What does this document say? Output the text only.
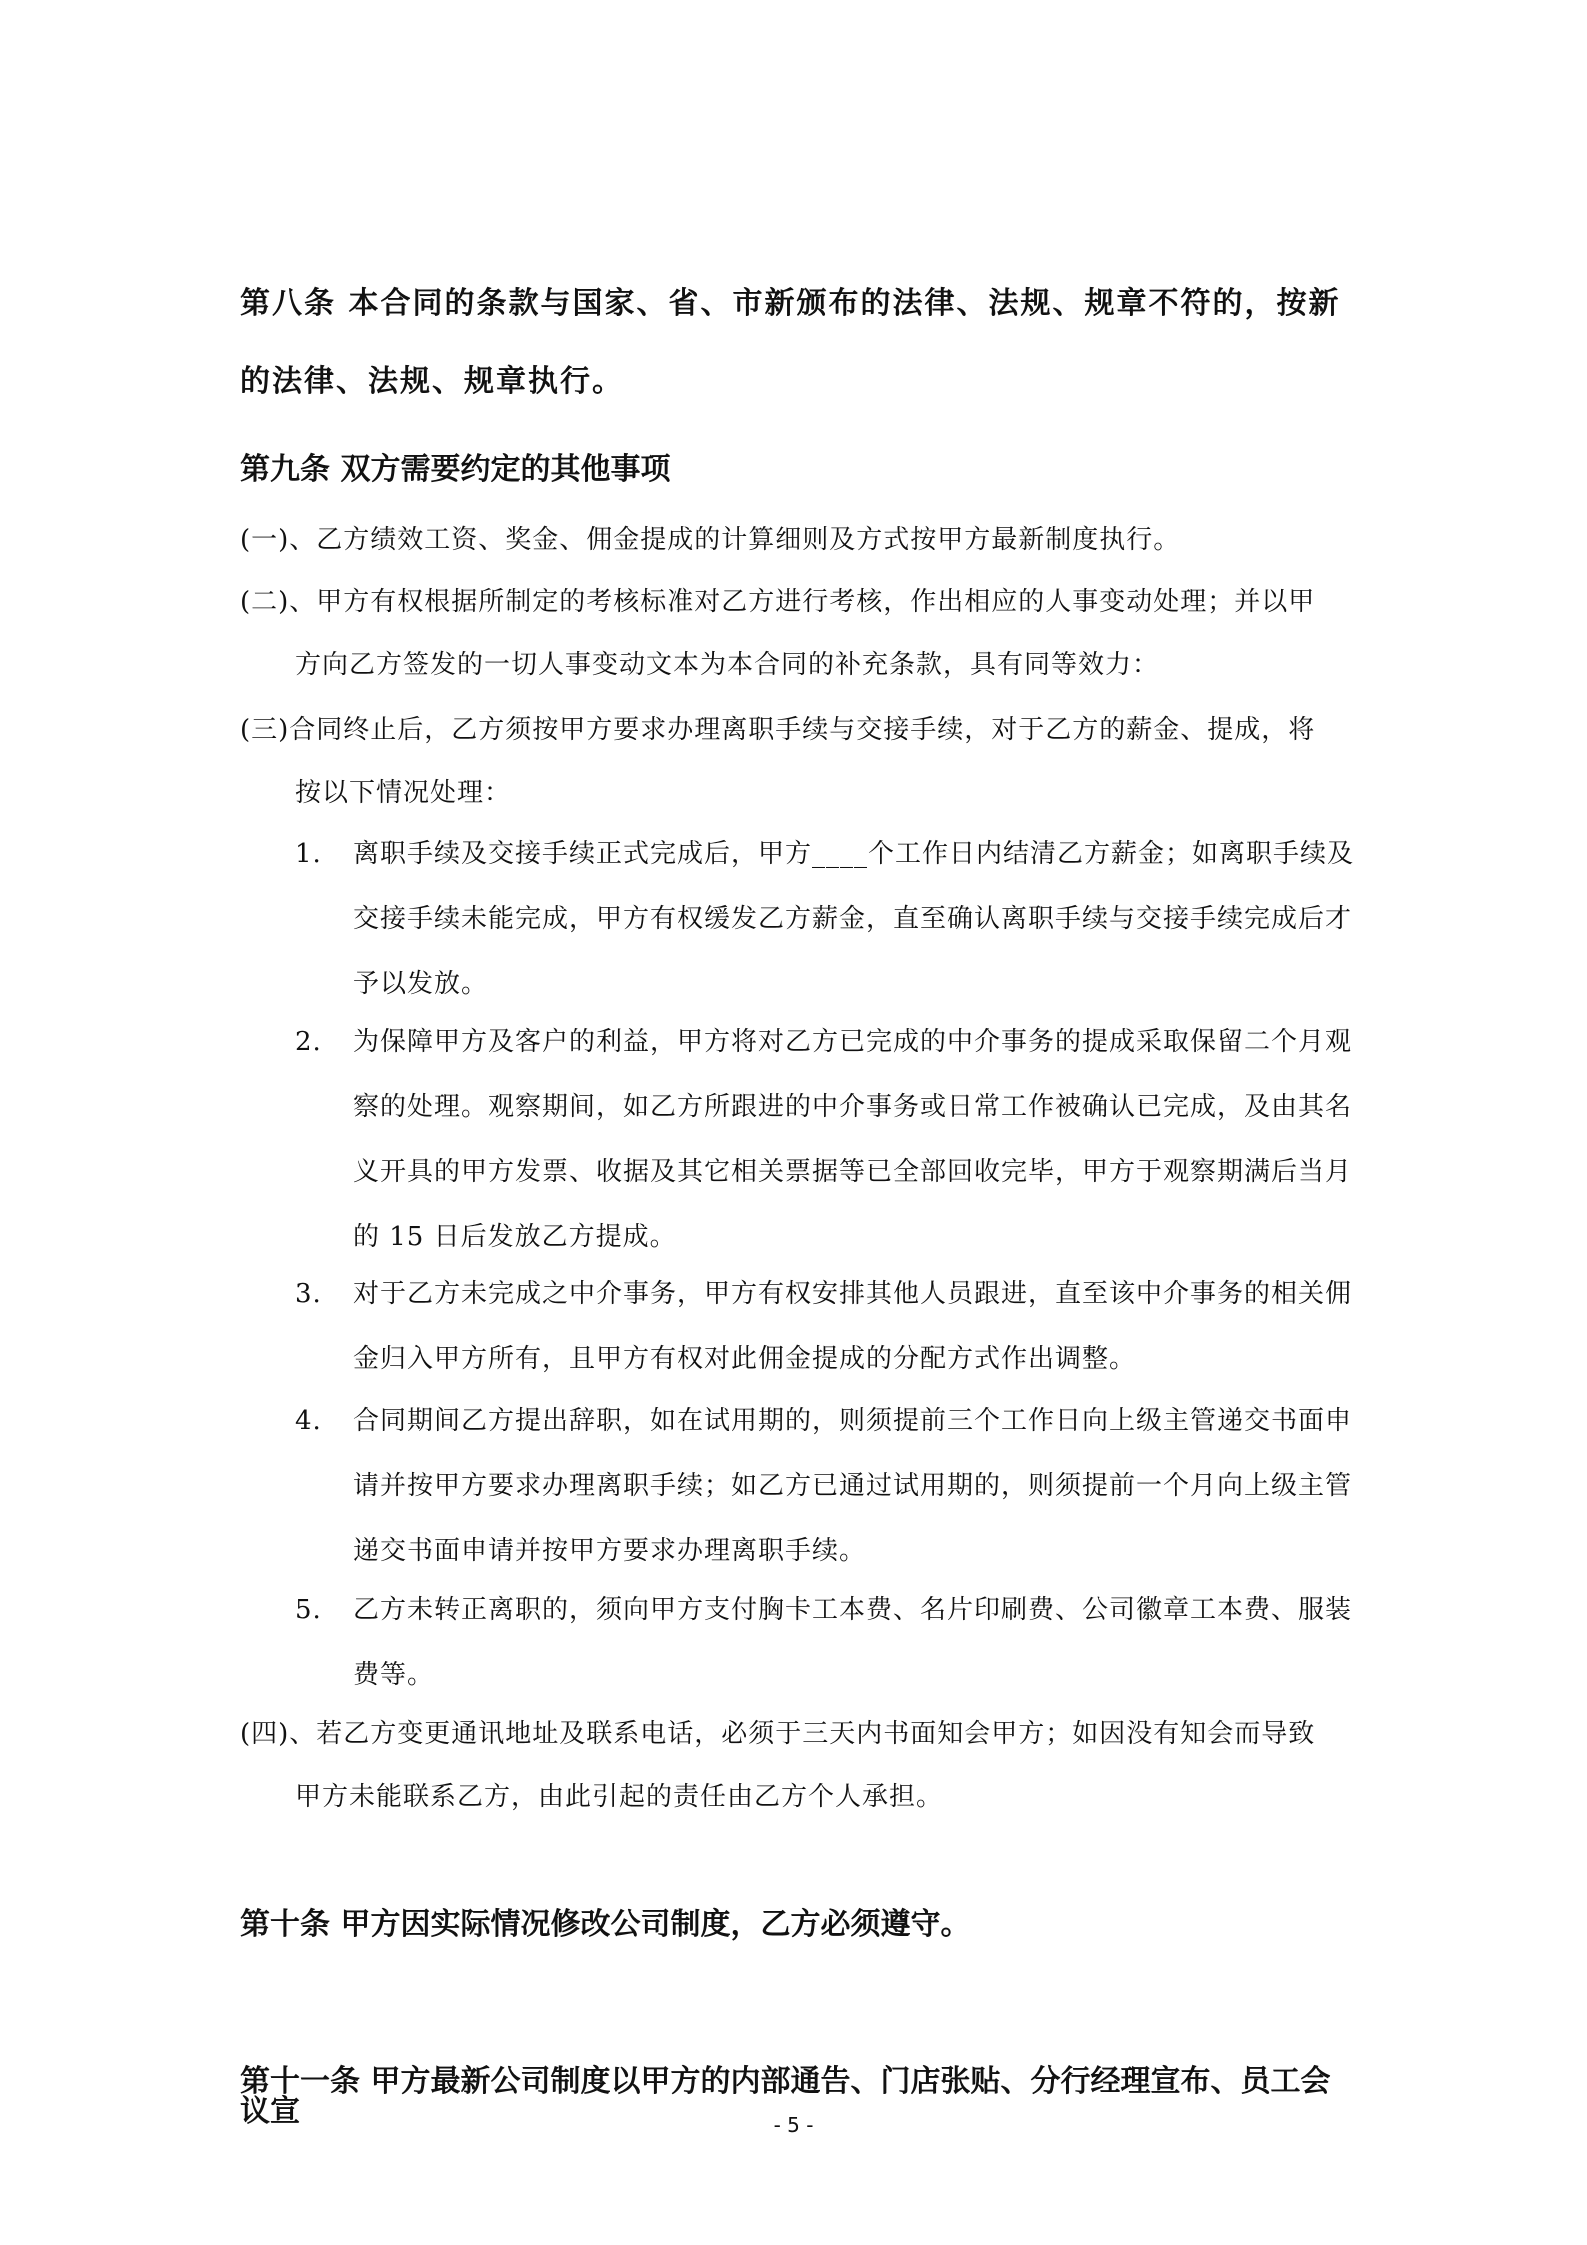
第八条 本合同的条款与国家、省、市新颁布的法律、法规、规章不符的，按新的法律、法规、规章执行。
第九条 双方需要约定的其他事项
(一)、乙方绩效工资、奖金、佣金提成的计算细则及方式按甲方最新制度执行。
(二)、甲方有权根据所制定的考核标准对乙方进行考核，作出相应的人事变动处理；并以甲
方向乙方签发的一切人事变动文本为本合同的补充条款，具有同等效力：
(三)合同终止后，乙方须按甲方要求办理离职手续与交接手续，对于乙方的薪金、提成，将
按以下情况处理：
1. 离职手续及交接手续正式完成后，甲方____个工作日内结清乙方薪金；如离职手续及交接手续未能完成，甲方有权缓发乙方薪金，直至确认离职手续与交接手续完成后才予以发放。
2. 为保障甲方及客户的利益，甲方将对乙方已完成的中介事务的提成采取保留二个月观察的处理。观察期间，如乙方所跟进的中介事务或日常工作被确认已完成，及由其名义开具的甲方发票、收据及其它相关票据等已全部回收完毕，甲方于观察期满后当月的 15 日后发放乙方提成。
3. 对于乙方未完成之中介事务，甲方有权安排其他人员跟进，直至该中介事务的相关佣金归入甲方所有，且甲方有权对此佣金提成的分配方式作出调整。
4. 合同期间乙方提出辞职，如在试用期的，则须提前三个工作日向上级主管递交书面申请并按甲方要求办理离职手续；如乙方已通过试用期的，则须提前一个月向上级主管递交书面申请并按甲方要求办理离职手续。
5. 乙方未转正离职的，须向甲方支付胸卡工本费、名片印刷费、公司徽章工本费、服装费等。
(四)、若乙方变更通讯地址及联系电话，必须于三天内书面知会甲方；如因没有知会而导致
甲方未能联系乙方，由此引起的责任由乙方个人承担。
第十条 甲方因实际情况修改公司制度，乙方必须遵守。
第十一条 甲方最新公司制度以甲方的内部通告、门店张贴、分行经理宣布、员工会议宣	- 5 -
